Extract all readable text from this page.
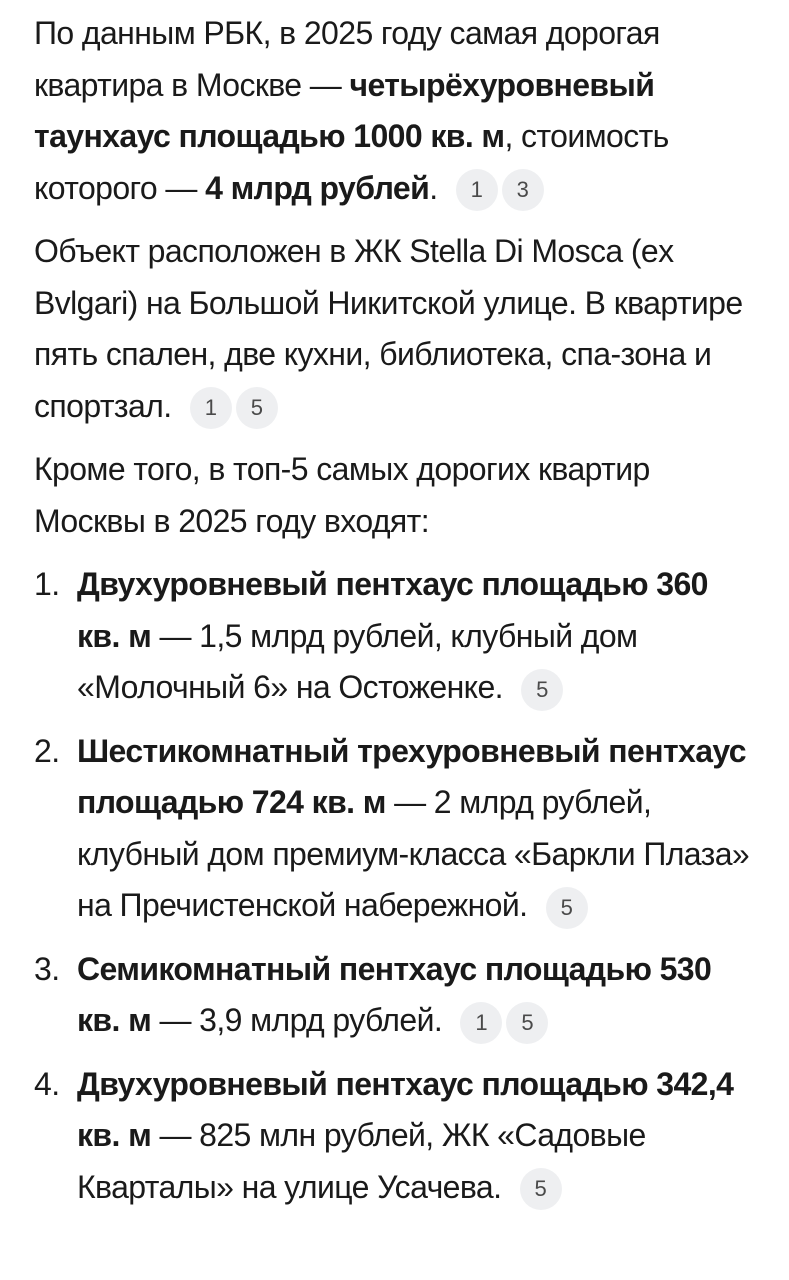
По данным РБК, в 2025 году самая дорогая квартира в Москве — четырёхуровневый таунхаус площадью 1000 кв. м, стоимость которого — 4 млрд рублей. 1 3

Объект расположен в ЖК Stella Di Mosca (ex Bvlgari) на Большой Никитской улице. В квартире пять спален, две кухни, библиотека, спа-зона и спортзал. 1 5

Кроме того, в топ-5 самых дорогих квартир Москвы в 2025 году входят:

1. Двухуровневый пентхаус площадью 360 кв. м — 1,5 млрд рублей, клубный дом «Молочный 6» на Остоженке. 5
2. Шестикомнатный трехуровневый пентхаус площадью 724 кв. м — 2 млрд рублей, клубный дом премиум-класса «Баркли Плаза» на Пречистенской набережной. 5
3. Семикомнатный пентхаус площадью 530 кв. м — 3,9 млрд рублей. 1 5
4. Двухуровневый пентхаус площадью 342,4 кв. м — 825 млн рублей, ЖК «Садовые Кварталы» на улице Усачева. 5
